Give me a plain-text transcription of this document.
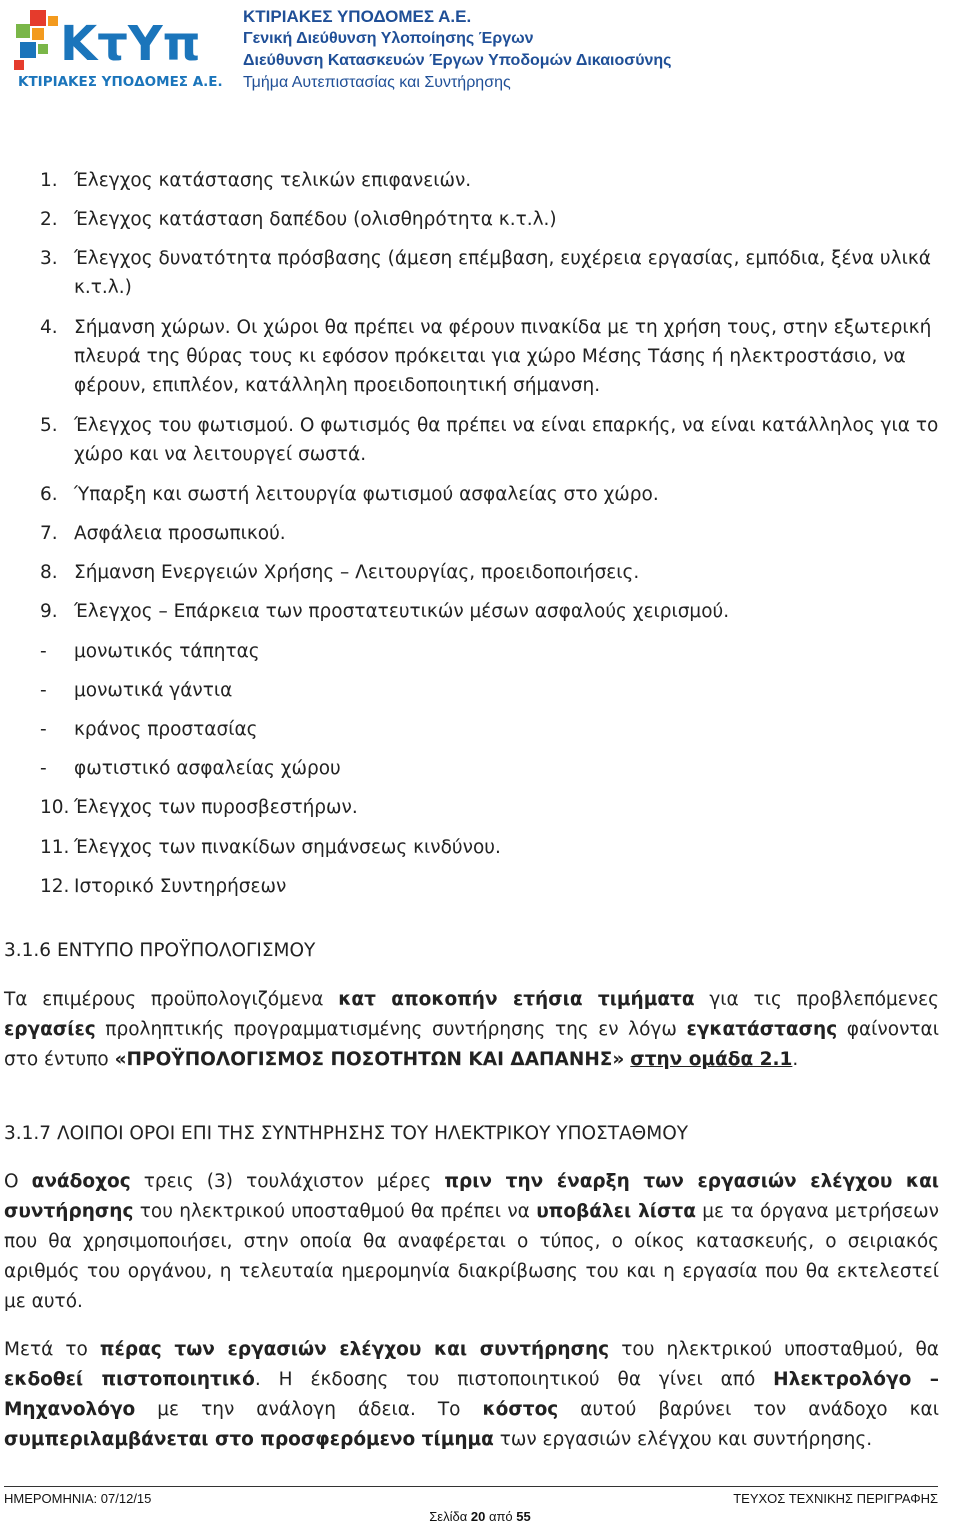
ΚτΥπ
ΚΤΙΡΙΑΚΕΣ ΥΠΟΔΟΜΕΣ Α.Ε.
ΚΤΙΡΙΑΚΕΣ ΥΠΟΔΟΜΕΣ Α.Ε.
Γενική Διεύθυνση Υλοποίησης Έργων
Διεύθυνση Κατασκευών Έργων Υποδομών Δικαιοσύνης
Τμήμα Αυτεπιστασίας και Συντήρησης
1. Έλεγχος κατάστασης τελικών επιφανειών.
2. Έλεγχος κατάσταση δαπέδου (ολισθηρότητα κ.τ.λ.)
3. Έλεγχος δυνατότητα πρόσβασης (άμεση επέμβαση, ευχέρεια εργασίας, εμπόδια, ξένα υλικά κ.τ.λ.)
4. Σήμανση χώρων. Οι χώροι θα πρέπει να φέρουν πινακίδα με τη χρήση τους, στην εξωτερική πλευρά της θύρας τους κι εφόσον πρόκειται για χώρο Μέσης Τάσης ή ηλεκτροστάσιο, να φέρουν, επιπλέον, κατάλληλη προειδοποιητική σήμανση.
5. Έλεγχος του φωτισμού. Ο φωτισμός θα πρέπει να είναι επαρκής, να είναι κατάλληλος για το χώρο και να λειτουργεί σωστά.
6. Ύπαρξη και σωστή λειτουργία φωτισμού ασφαλείας στο χώρο.
7. Ασφάλεια προσωπικού.
8. Σήμανση Ενεργειών Χρήσης – Λειτουργίας, προειδοποιήσεις.
9. Έλεγχος – Επάρκεια των προστατευτικών μέσων ασφαλούς χειρισμού.
- μονωτικός τάπητας
- μονωτικά γάντια
- κράνος προστασίας
- φωτιστικό ασφαλείας χώρου
10. Έλεγχος των πυροσβεστήρων.
11. Έλεγχος των πινακίδων σημάνσεως κινδύνου.
12. Ιστορικό Συντηρήσεων
3.1.6 ΕΝΤΥΠΟ ΠΡΟΫΠΟΛΟΓΙΣΜΟΥ
Τα επιμέρους προϋπολογιζόμενα κατ αποκοπήν ετήσια τιμήματα για τις προβλεπόμενες εργασίες προληπτικής προγραμματισμένης συντήρησης της εν λόγω εγκατάστασης φαίνονται στο έντυπο «ΠΡΟΫΠΟΛΟΓΙΣΜΟΣ ΠΟΣΟΤΗΤΩΝ ΚΑΙ ΔΑΠΑΝΗΣ» στην ομάδα 2.1.
3.1.7 ΛΟΙΠΟΙ ΟΡΟΙ ΕΠΙ ΤΗΣ ΣΥΝΤΗΡΗΣΗΣ ΤΟΥ ΗΛΕΚΤΡΙΚΟΥ ΥΠΟΣΤΑΘΜΟΥ
Ο ανάδοχος τρεις (3) τουλάχιστον μέρες πριν την έναρξη των εργασιών ελέγχου και συντήρησης του ηλεκτρικού υποσταθμού θα πρέπει να υποβάλει λίστα με τα όργανα μετρήσεων που θα χρησιμοποιήσει, στην οποία θα αναφέρεται ο τύπος, ο οίκος κατασκευής, ο σειριακός αριθμός του οργάνου, η τελευταία ημερομηνία διακρίβωσης του και η εργασία που θα εκτελεστεί με αυτό.
Μετά το πέρας των εργασιών ελέγχου και συντήρησης του ηλεκτρικού υποσταθμού, θα εκδοθεί πιστοποιητικό. Η έκδοσης του πιστοποιητικού θα γίνει από Ηλεκτρολόγο – Μηχανολόγο με την ανάλογη άδεια. Το κόστος αυτού βαρύνει τον ανάδοχο και συμπεριλαμβάνεται στο προσφερόμενο τίμημα των εργασιών ελέγχου και συντήρησης.
ΗΜΕΡΟΜΗΝΙΑ: 07/12/15	ΤΕΥΧΟΣ ΤΕΧΝΙΚΗΣ ΠΕΡΙΓΡΑΦΗΣ
Σελίδα 20 από 55
